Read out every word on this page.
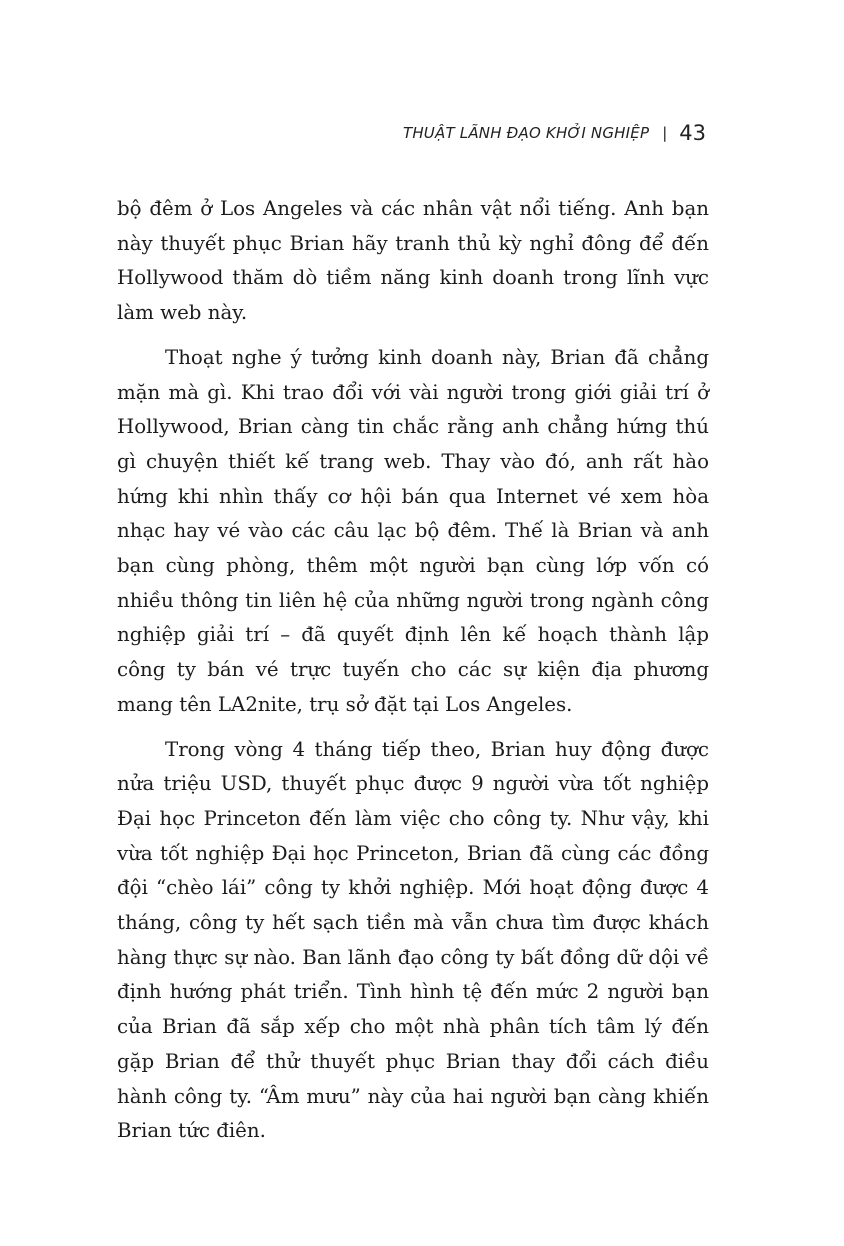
THUẬT LÃNH ĐẠO KHỞI NGHIỆP | 43

bộ đêm ở Los Angeles và các nhân vật nổi tiếng. Anh bạn này thuyết phục Brian hãy tranh thủ kỳ nghỉ đông để đến Hollywood thăm dò tiềm năng kinh doanh trong lĩnh vực làm web này.

Thoạt nghe ý tưởng kinh doanh này, Brian đã chẳng mặn mà gì. Khi trao đổi với vài người trong giới giải trí ở Hollywood, Brian càng tin chắc rằng anh chẳng hứng thú gì chuyện thiết kế trang web. Thay vào đó, anh rất hào hứng khi nhìn thấy cơ hội bán qua Internet vé xem hòa nhạc hay vé vào các câu lạc bộ đêm. Thế là Brian và anh bạn cùng phòng, thêm một người bạn cùng lớp vốn có nhiều thông tin liên hệ của những người trong ngành công nghiệp giải trí – đã quyết định lên kế hoạch thành lập công ty bán vé trực tuyến cho các sự kiện địa phương mang tên LA2nite, trụ sở đặt tại Los Angeles.

Trong vòng 4 tháng tiếp theo, Brian huy động được nửa triệu USD, thuyết phục được 9 người vừa tốt nghiệp Đại học Princeton đến làm việc cho công ty. Như vậy, khi vừa tốt nghiệp Đại học Princeton, Brian đã cùng các đồng đội “chèo lái” công ty khởi nghiệp. Mới hoạt động được 4 tháng, công ty hết sạch tiền mà vẫn chưa tìm được khách hàng thực sự nào. Ban lãnh đạo công ty bất đồng dữ dội về định hướng phát triển. Tình hình tệ đến mức 2 người bạn của Brian đã sắp xếp cho một nhà phân tích tâm lý đến gặp Brian để thử thuyết phục Brian thay đổi cách điều hành công ty. “Âm mưu” này của hai người bạn càng khiến Brian tức điên.
